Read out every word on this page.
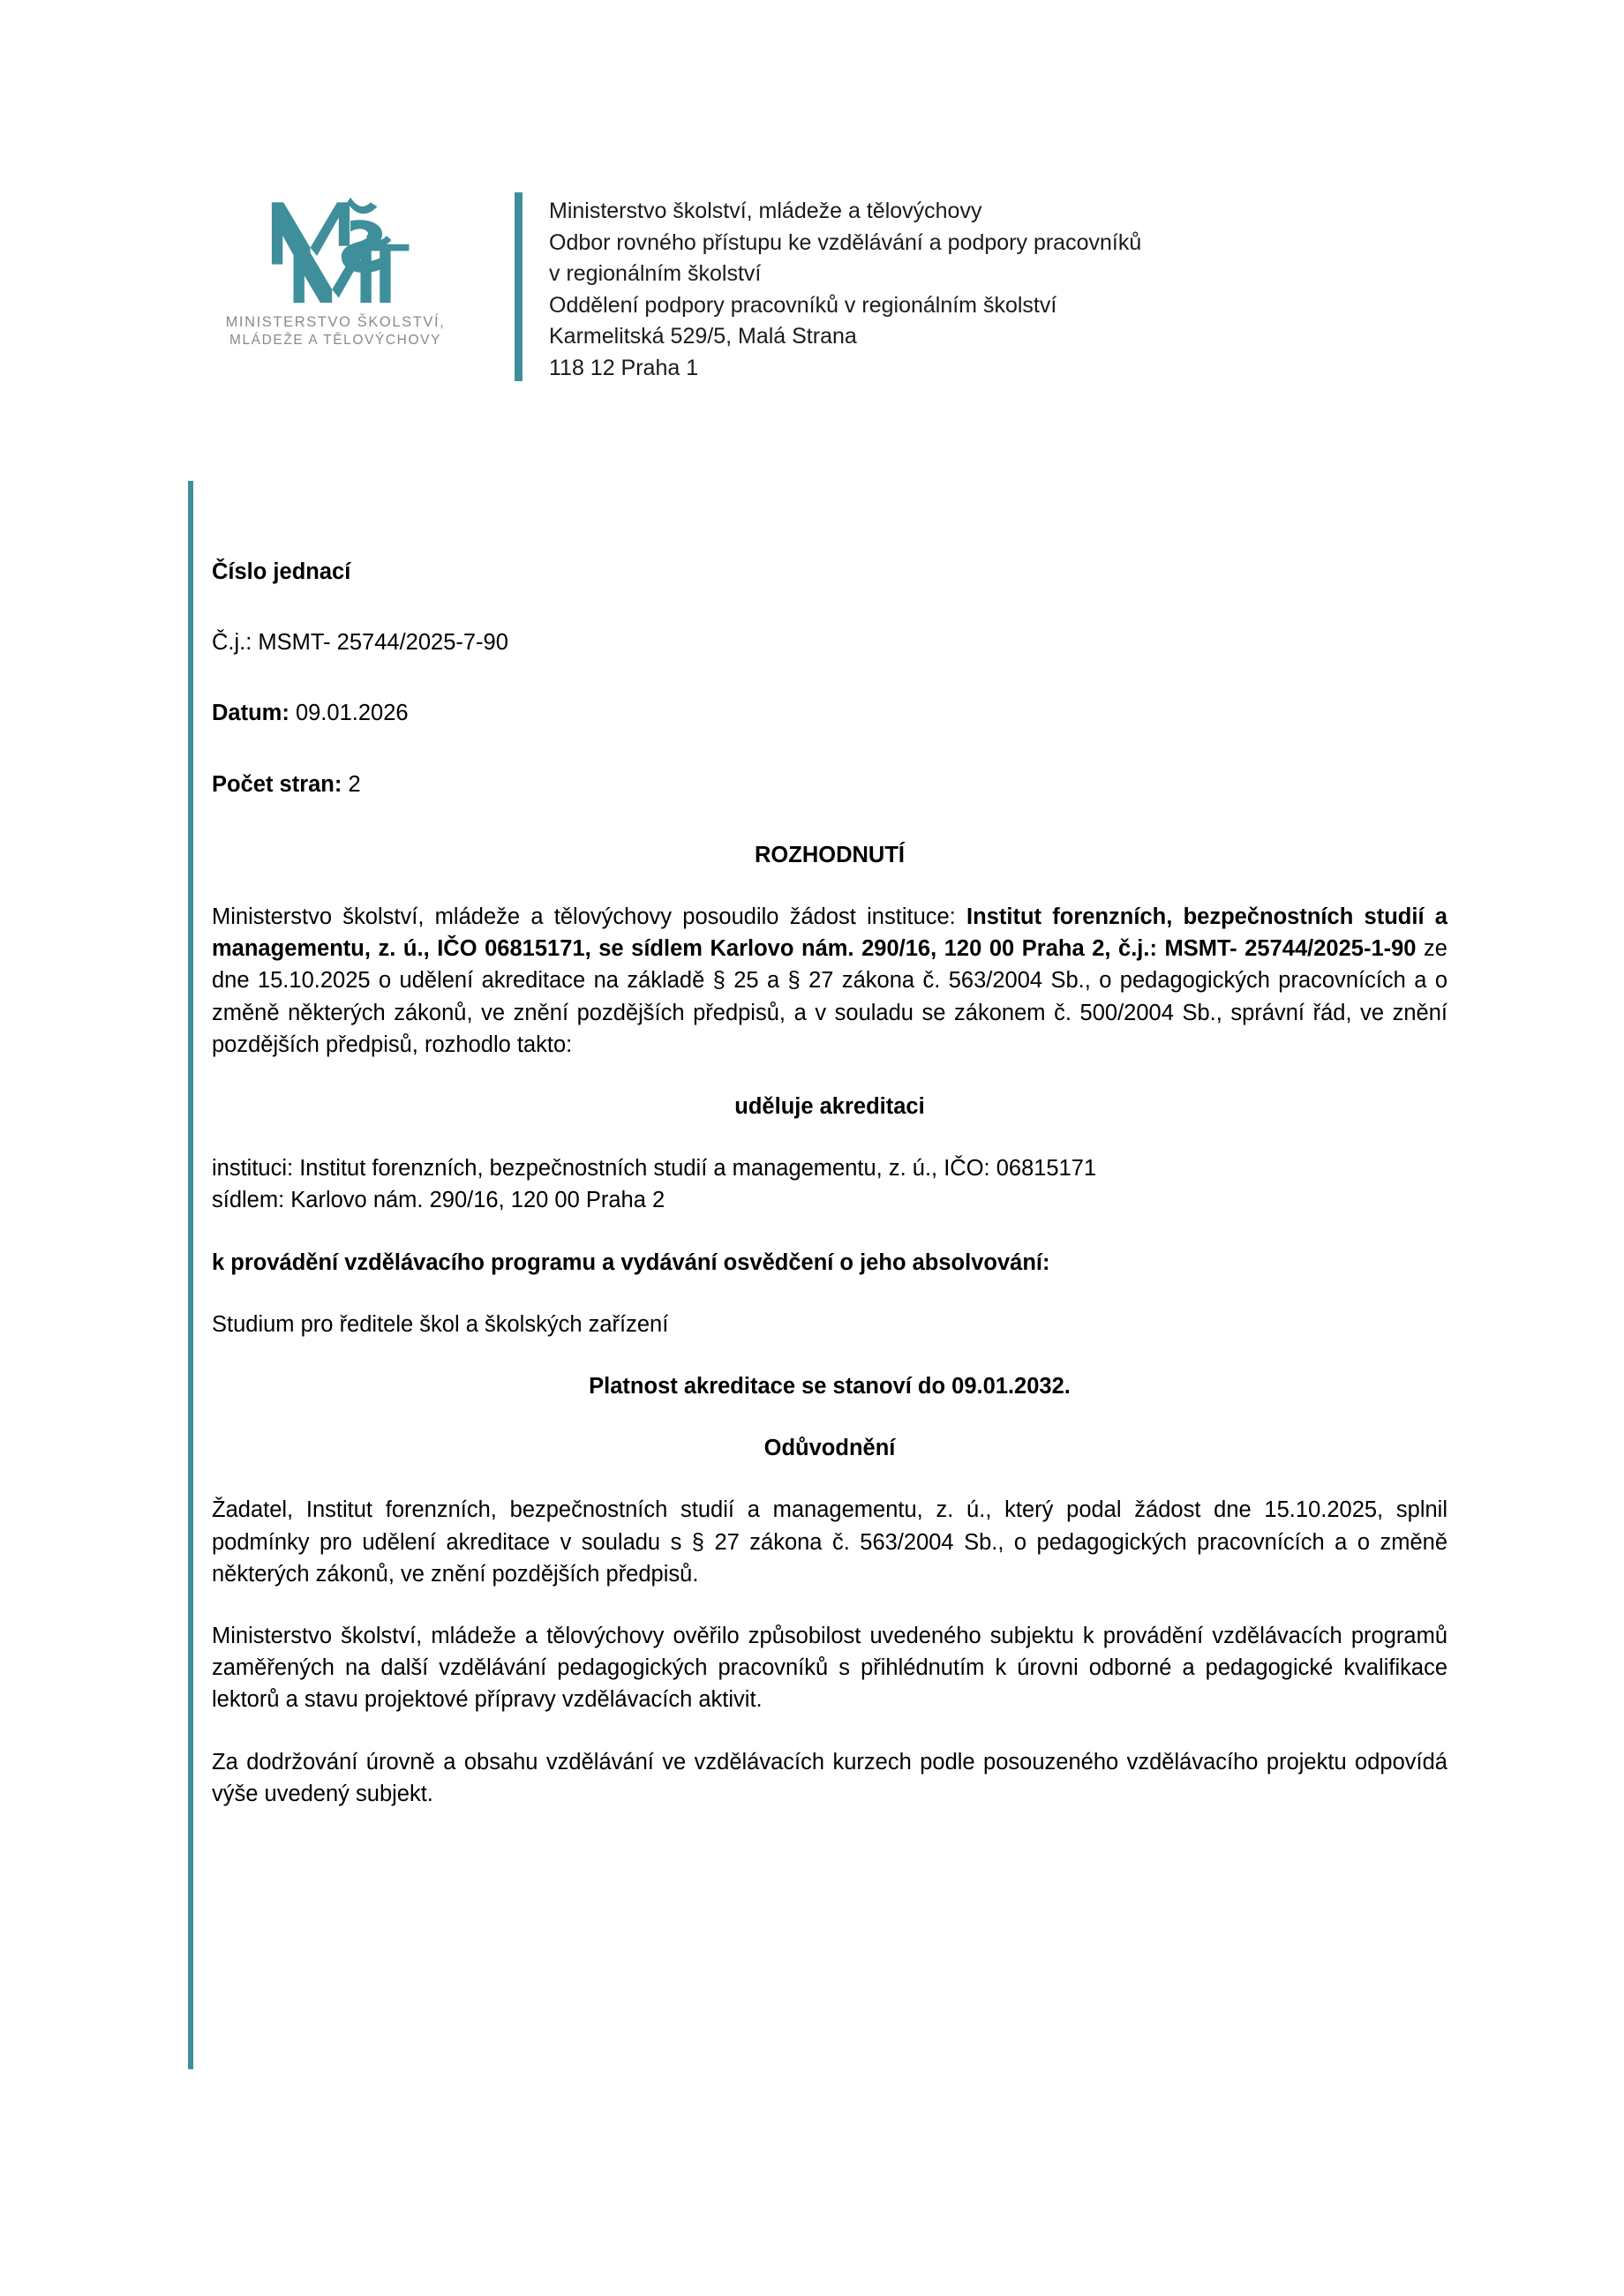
MINISTERSTVO ŠKOLSTVÍ,
MLÁDEŽE A TĚLOVÝCHOVY
Ministerstvo školství, mládeže a tělovýchovy
Odbor rovného přístupu ke vzdělávání a podpory pracovníků
v regionálním školství
Oddělení podpory pracovníků v regionálním školství
Karmelitská 529/5, Malá Strana
118 12 Praha 1

Číslo jednací

Č.j.: MSMT- 25744/2025-7-90

Datum: 09.01.2026

Počet stran: 2

ROZHODNUTÍ

Ministerstvo školství, mládeže a tělovýchovy posoudilo žádost instituce: Institut forenzních, bezpečnostních studií a managementu, z. ú., IČO 06815171, se sídlem Karlovo nám. 290/16, 120 00 Praha 2, č.j.: MSMT- 25744/2025-1-90 ze dne 15.10.2025 o udělení akreditace na základě § 25 a § 27 zákona č. 563/2004 Sb., o pedagogických pracovnících a o změně některých zákonů, ve znění pozdějších předpisů, a v souladu se zákonem č. 500/2004 Sb., správní řád, ve znění pozdějších předpisů, rozhodlo takto:

uděluje akreditaci

instituci: Institut forenzních, bezpečnostních studií a managementu, z. ú., IČO: 06815171
sídlem: Karlovo nám. 290/16, 120 00 Praha 2

k provádění vzdělávacího programu a vydávání osvědčení o jeho absolvování:

Studium pro ředitele škol a školských zařízení

Platnost akreditace se stanoví do 09.01.2032.

Odůvodnění

Žadatel, Institut forenzních, bezpečnostních studií a managementu, z. ú., který podal žádost dne 15.10.2025, splnil podmínky pro udělení akreditace v souladu s § 27 zákona č. 563/2004 Sb., o pedagogických pracovnících a o změně některých zákonů, ve znění pozdějších předpisů.

Ministerstvo školství, mládeže a tělovýchovy ověřilo způsobilost uvedeného subjektu k provádění vzdělávacích programů zaměřených na další vzdělávání pedagogických pracovníků s přihlédnutím k úrovni odborné a pedagogické kvalifikace lektorů a stavu projektové přípravy vzdělávacích aktivit.

Za dodržování úrovně a obsahu vzdělávání ve vzdělávacích kurzech podle posouzeného vzdělávacího projektu odpovídá výše uvedený subjekt.
